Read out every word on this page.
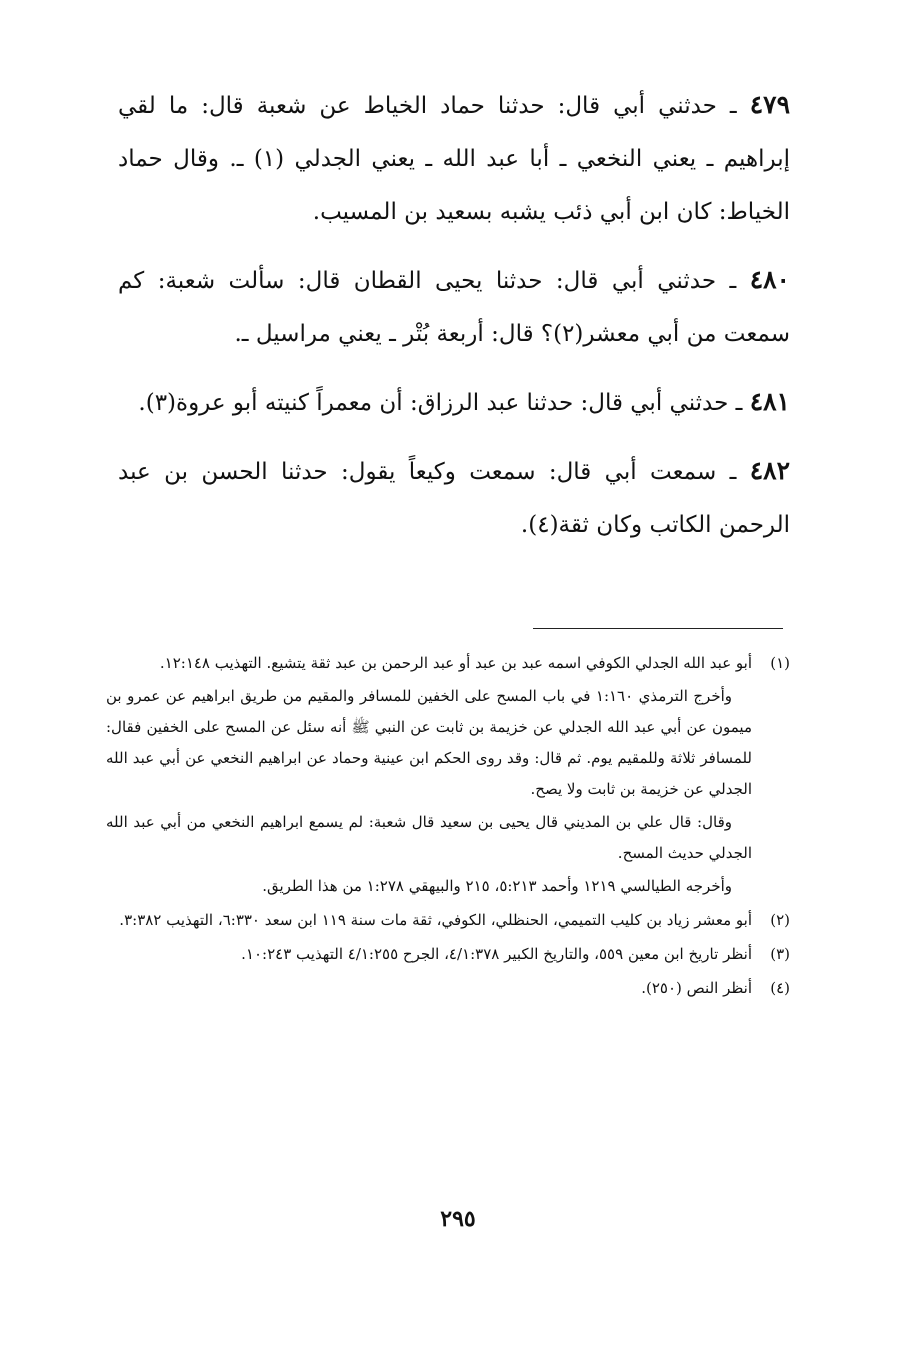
٤٧٩ ـ حدثني أبي قال: حدثنا حماد الخياط عن شعبة قال: ما لقي إبراهيم ـ يعني النخعي ـ أبا عبد الله ـ يعني الجدلي (١) ـ. وقال حماد الخياط: كان ابن أبي ذئب يشبه بسعيد بن المسيب.

٤٨٠ ـ حدثني أبي قال: حدثنا يحيى القطان قال: سألت شعبة: كم سمعت من أبي معشر(٢)؟ قال: أربعة بُتْر ـ يعني مراسيل ـ.

٤٨١ ـ حدثني أبي قال: حدثنا عبد الرزاق: أن معمراً كنيته أبو عروة(٣).

٤٨٢ ـ سمعت أبي قال: سمعت وكيعاً يقول: حدثنا الحسن بن عبد الرحمن الكاتب وكان ثقة(٤).

(١)
أبو عبد الله الجدلي الكوفي اسمه عبد بن عبد أو عبد الرحمن بن عبد ثقة يتشيع. التهذيب ١٢:١٤٨.
وأخرج الترمذي ١:١٦٠ في باب المسح على الخفين للمسافر والمقيم من طريق ابراهيم عن عمرو بن ميمون عن أبي عبد الله الجدلي عن خزيمة بن ثابت عن النبي ﷺ أنه سئل عن المسح على الخفين فقال: للمسافر ثلاثة وللمقيم يوم. ثم قال: وقد روى الحكم ابن عينية وحماد عن ابراهيم النخعي عن أبي عبد الله الجدلي عن خزيمة بن ثابت ولا يصح.
وقال: قال علي بن المديني قال يحيى بن سعيد قال شعبة: لم يسمع ابراهيم النخعي من أبي عبد الله الجدلي حديث المسح.
وأخرجه الطيالسي ١٢١٩ وأحمد ٥:٢١٣، ٢١٥ والبيهقي ١:٢٧٨ من هذا الطريق.
(٢)
أبو معشر زياد بن كليب التميمي، الحنظلي، الكوفي، ثقة مات سنة ١١٩ ابن سعد ٦:٣٣٠، التهذيب ٣:٣٨٢.
(٣)
أنظر تاريخ ابن معين ٥٥٩، والتاريخ الكبير ٤/١:٣٧٨، الجرح ٤/١:٢٥٥ التهذيب ١٠:٢٤٣.
(٤)
أنظر النص (٢٥٠).
٢٩٥
